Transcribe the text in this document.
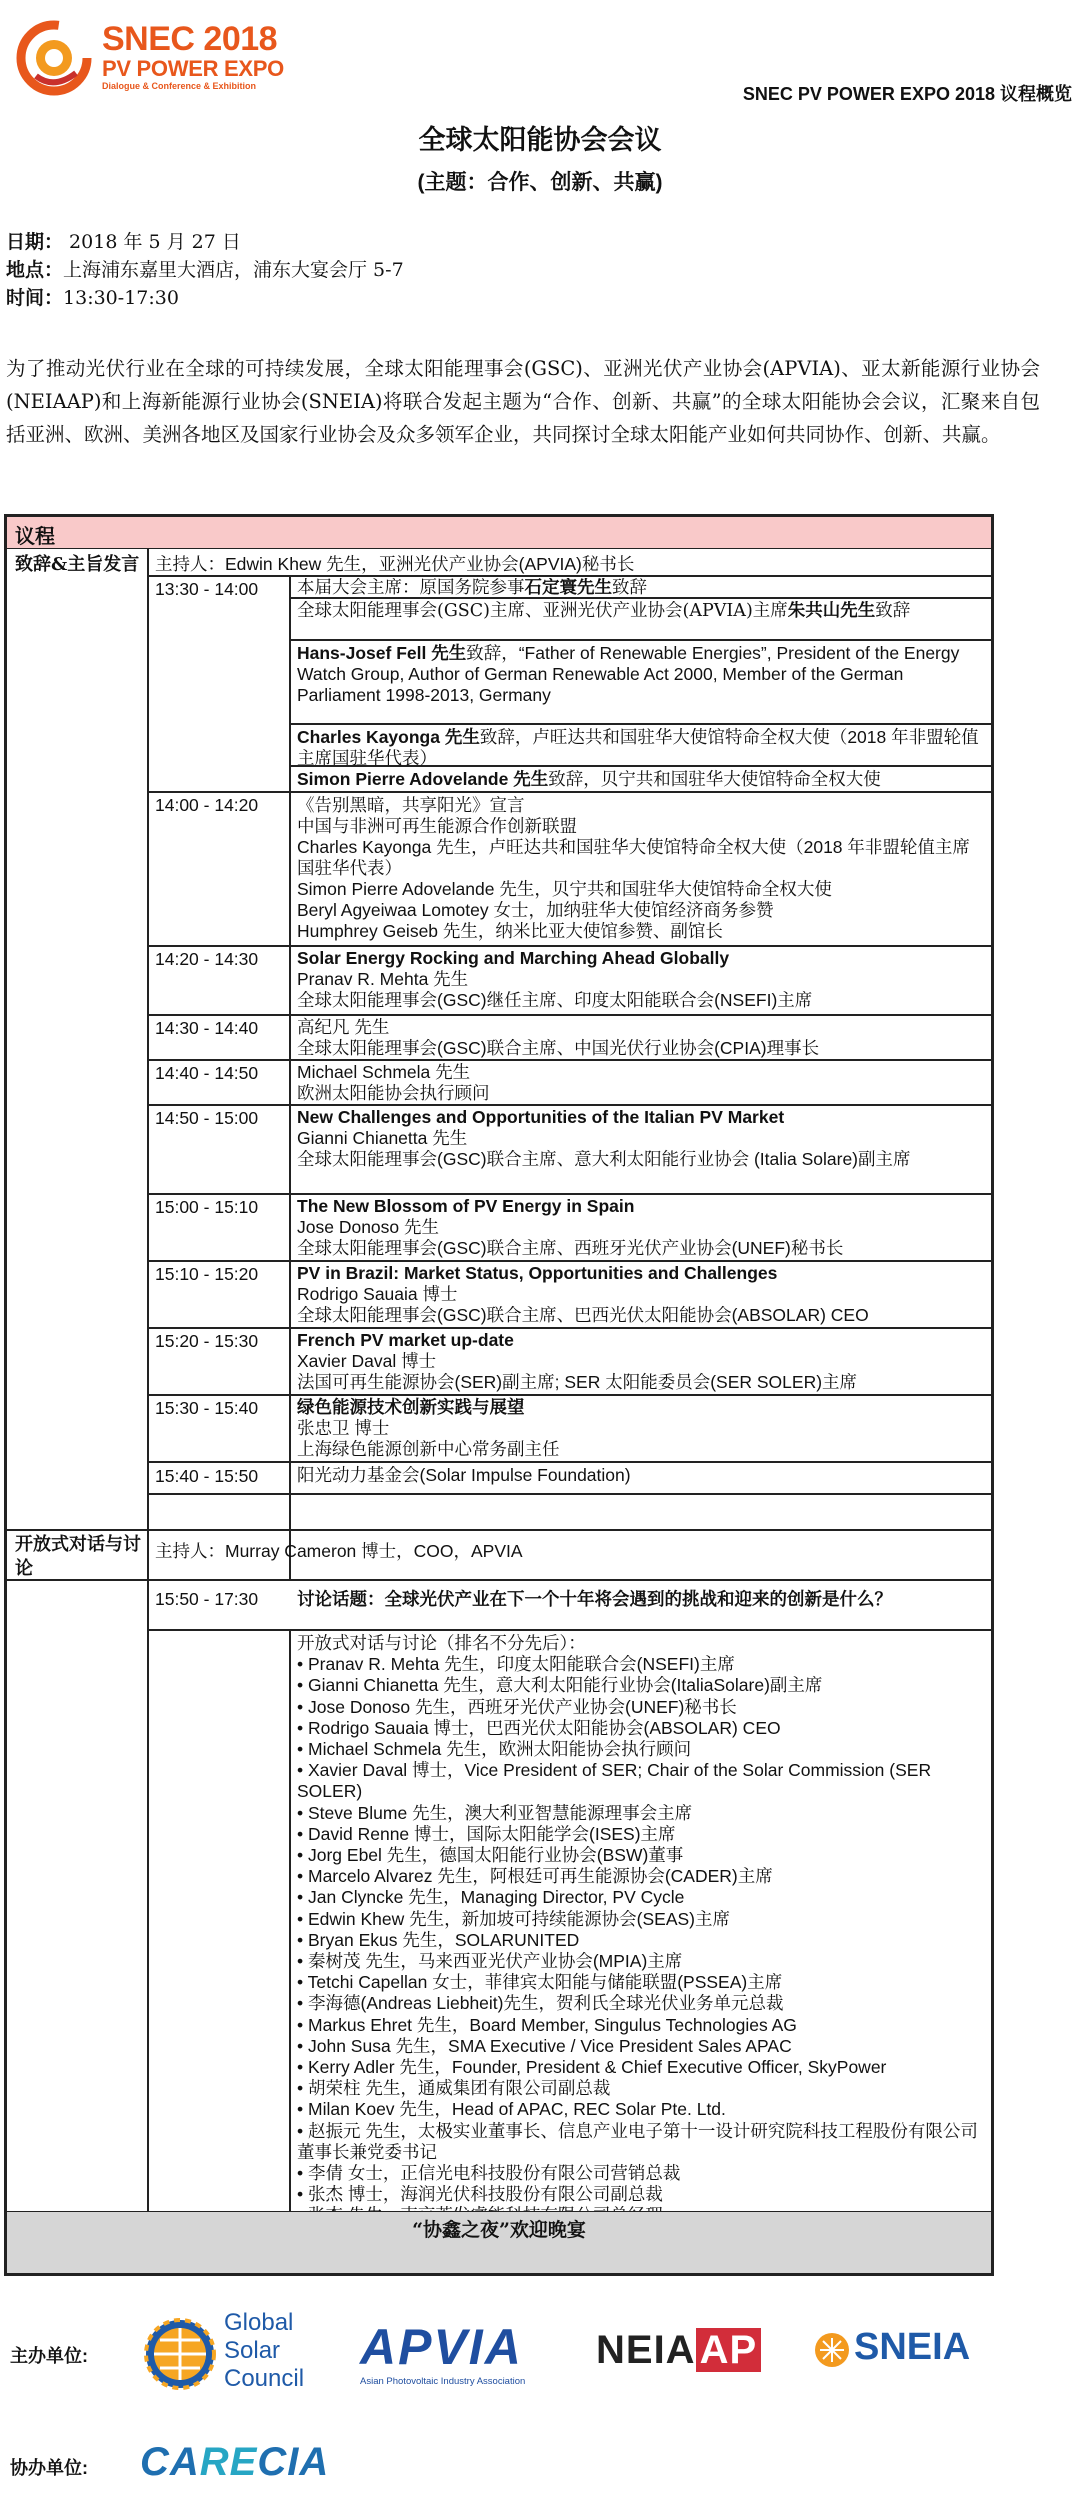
SNEC 2018
PV POWER EXPO
Dialogue & Conference & Exhibition	SNEC PV POWER EXPO 2018 议程概览
全球太阳能协会会议
(主题：合作、创新、共赢)
日期： 2018 年 5 月 27 日
地点：上海浦东嘉里大酒店，浦东大宴会厅 5-7
时间：13:30-17:30
为了推动光伏行业在全球的可持续发展，全球太阳能理事会(GSC)、亚洲光伏产业协会(APVIA)、亚太新能源行业协会(NEIAAP)和上海新能源行业协会(SNEIA)将联合发起主题为“合作、创新、共赢”的全球太阳能协会会议，汇聚来自包括亚洲、欧洲、美洲各地区及国家行业协会及众多领军企业，共同探讨全球太阳能产业如何共同协作、创新、共赢。
议程
致辞&主旨发言 主持人：Edwin Khew 先生，亚洲光伏产业协会(APVIA)秘书长
13:30 - 14:00	本届大会主席：原国务院参事石定寰先生致辞
全球太阳能理事会(GSC)主席、亚洲光伏产业协会(APVIA)主席朱共山先生致辞
Hans-Josef Fell 先生致辞，“Father of Renewable Energies”, President of the Energy Watch Group, Author of German Renewable Act 2000, Member of the German Parliament 1998-2013, Germany
Charles Kayonga 先生致辞，卢旺达共和国驻华大使馆特命全权大使（2018 年非盟轮值主席国驻华代表）
Simon Pierre Adovelande 先生致辞，贝宁共和国驻华大使馆特命全权大使
14:00 - 14:20	《告别黑暗，共享阳光》宣言
中国与非洲可再生能源合作创新联盟
Charles Kayonga 先生，卢旺达共和国驻华大使馆特命全权大使（2018 年非盟轮值主席国驻华代表）
Simon Pierre Adovelande 先生，贝宁共和国驻华大使馆特命全权大使
Beryl Agyeiwaa Lomotey 女士，加纳驻华大使馆经济商务参赞
Humphrey Geiseb 先生，纳米比亚大使馆参赞、副馆长
14:20 - 14:30	Solar Energy Rocking and Marching Ahead Globally
Pranav R. Mehta 先生
全球太阳能理事会(GSC)继任主席、印度太阳能联合会(NSEFI)主席
14:30 - 14:40	高纪凡 先生
全球太阳能理事会(GSC)联合主席、中国光伏行业协会(CPIA)理事长
14:40 - 14:50	Michael Schmela 先生
欧洲太阳能协会执行顾问
14:50 - 15:00	New Challenges and Opportunities of the Italian PV Market
Gianni Chianetta 先生
全球太阳能理事会(GSC)联合主席、意大利太阳能行业协会 (Italia Solare)副主席
15:00 - 15:10	The New Blossom of PV Energy in Spain
Jose Donoso 先生
全球太阳能理事会(GSC)联合主席、西班牙光伏产业协会(UNEF)秘书长
15:10 - 15:20	PV in Brazil: Market Status, Opportunities and Challenges
Rodrigo Sauaia 博士
全球太阳能理事会(GSC)联合主席、巴西光伏太阳能协会(ABSOLAR) CEO
15:20 - 15:30	French PV market up-date
Xavier Daval 博士
法国可再生能源协会(SER)副主席; SER 太阳能委员会(SER SOLER)主席
15:30 - 15:40	绿色能源技术创新实践与展望
张忠卫 博士
上海绿色能源创新中心常务副主任
15:40 - 15:50	阳光动力基金会(Solar Impulse Foundation)
开放式对话与讨论
主持人：Murray Cameron 博士，COO，APVIA
15:50 - 17:30	讨论话题：全球光伏产业在下一个十年将会遇到的挑战和迎来的创新是什么？
开放式对话与讨论（排名不分先后）：
• Pranav R. Mehta 先生，印度太阳能联合会(NSEFI)主席
• Gianni Chianetta 先生，意大利太阳能行业协会(ItaliaSolare)副主席
• Jose Donoso 先生，西班牙光伏产业协会(UNEF)秘书长
• Rodrigo Sauaia 博士，巴西光伏太阳能协会(ABSOLAR) CEO
• Michael Schmela 先生，欧洲太阳能协会执行顾问
• Xavier Daval 博士，Vice President of SER; Chair of the Solar Commission (SER SOLER)
• Steve Blume 先生，澳大利亚智慧能源理事会主席
• David Renne 博士，国际太阳能学会(ISES)主席
• Jorg Ebel 先生，德国太阳能行业协会(BSW)董事
• Marcelo Alvarez 先生，阿根廷可再生能源协会(CADER)主席
• Jan Clyncke 先生，Managing Director, PV Cycle
• Edwin Khew 先生，新加坡可持续能源协会(SEAS)主席
• Bryan Ekus 先生，SOLARUNITED
• 秦树茂 先生，马来西亚光伏产业协会(MPIA)主席
• Tetchi Capellan 女士，菲律宾太阳能与储能联盟(PSSEA)主席
• 李海德(Andreas Liebheit)先生，贺利氏全球光伏业务单元总裁
• Markus Ehret 先生，Board Member, Singulus Technologies AG
• John Susa 先生，SMA Executive / Vice President Sales APAC
• Kerry Adler 先生，Founder, President & Chief Executive Officer, SkyPower
• 胡荣柱 先生，通威集团有限公司副总裁
• Milan Koev 先生，Head of APAC, REC Solar Pte. Ltd.
• 赵振元 先生，太极实业董事长、信息产业电子第十一设计研究院科技工程股份有限公司董事长兼党委书记
• 李倩 女士，正信光电科技股份有限公司营销总裁
• 张杰 博士，海润光伏科技股份有限公司副总裁
“协鑫之夜”欢迎晚宴
主办单位:
Global
Solar
Council
APVIA
Asian Photovoltaic Industry Association
NEIA AP	SNEIA
协办单位: CARECIA
